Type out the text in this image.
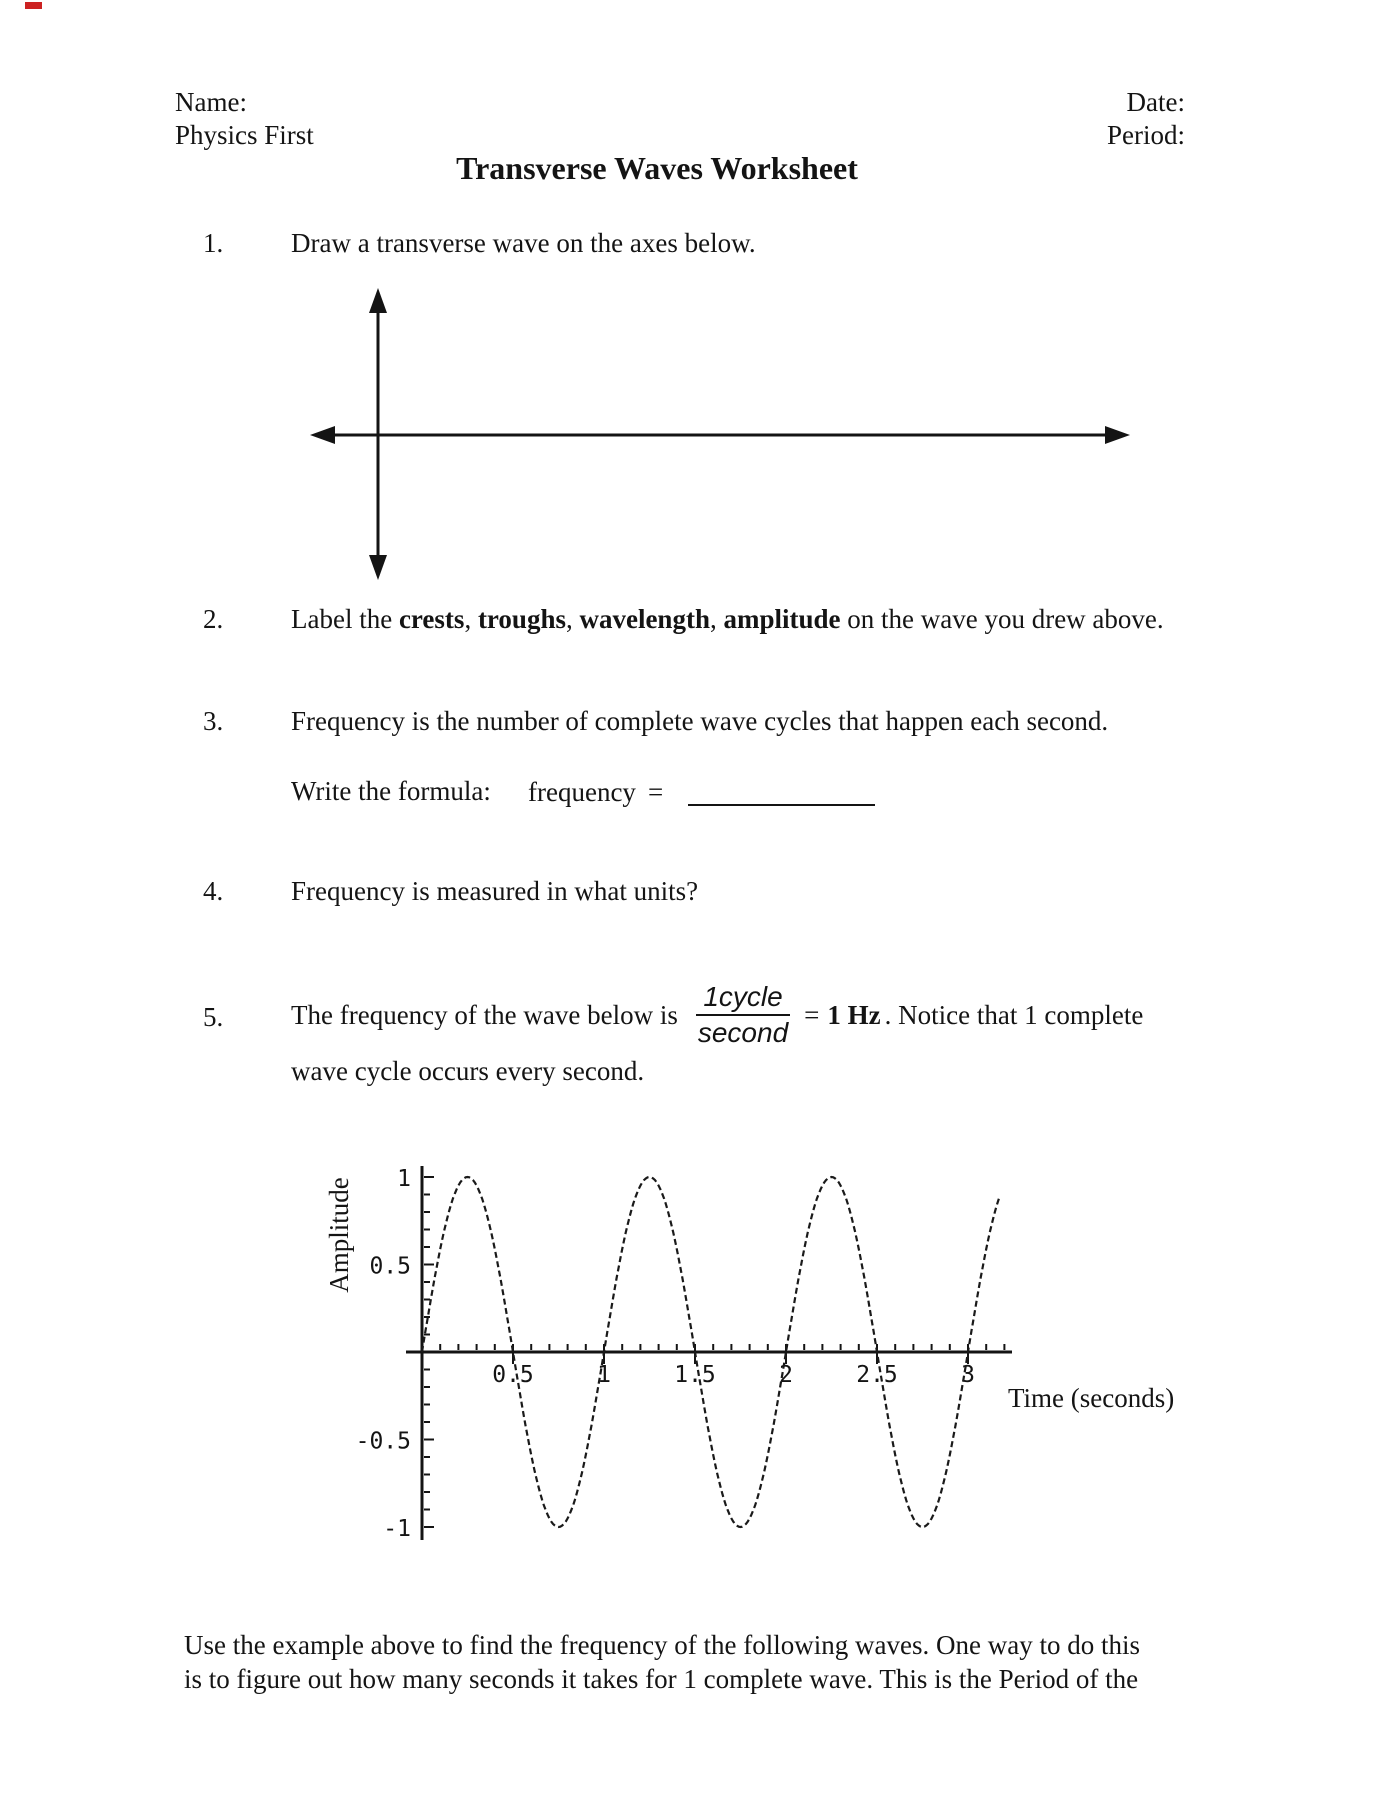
Name:
Physics First
Date:
Period:
Transverse Waves Worksheet
1.	Draw a transverse wave on the axes below.
2.	Label the crests, troughs, wavelength, amplitude on the wave you drew above.
3.	Frequency is the number of complete wave cycles that happen each second.
Write the formula: frequency =
4.	Frequency is measured in what units?
5.	The frequency of the wave below is $\frac{\text{1cycle}}{\text{second}} = 1$ Hz . Notice that 1 complete
wave cycle occurs every second.
0.5	1	1.5	2	2.5	3
1
0.5
-0.5
-1
Amplitude
Time (seconds)
Use the example above to find the frequency of the following waves. One way to do this
is to figure out how many seconds it takes for 1 complete wave. This is the Period of the
